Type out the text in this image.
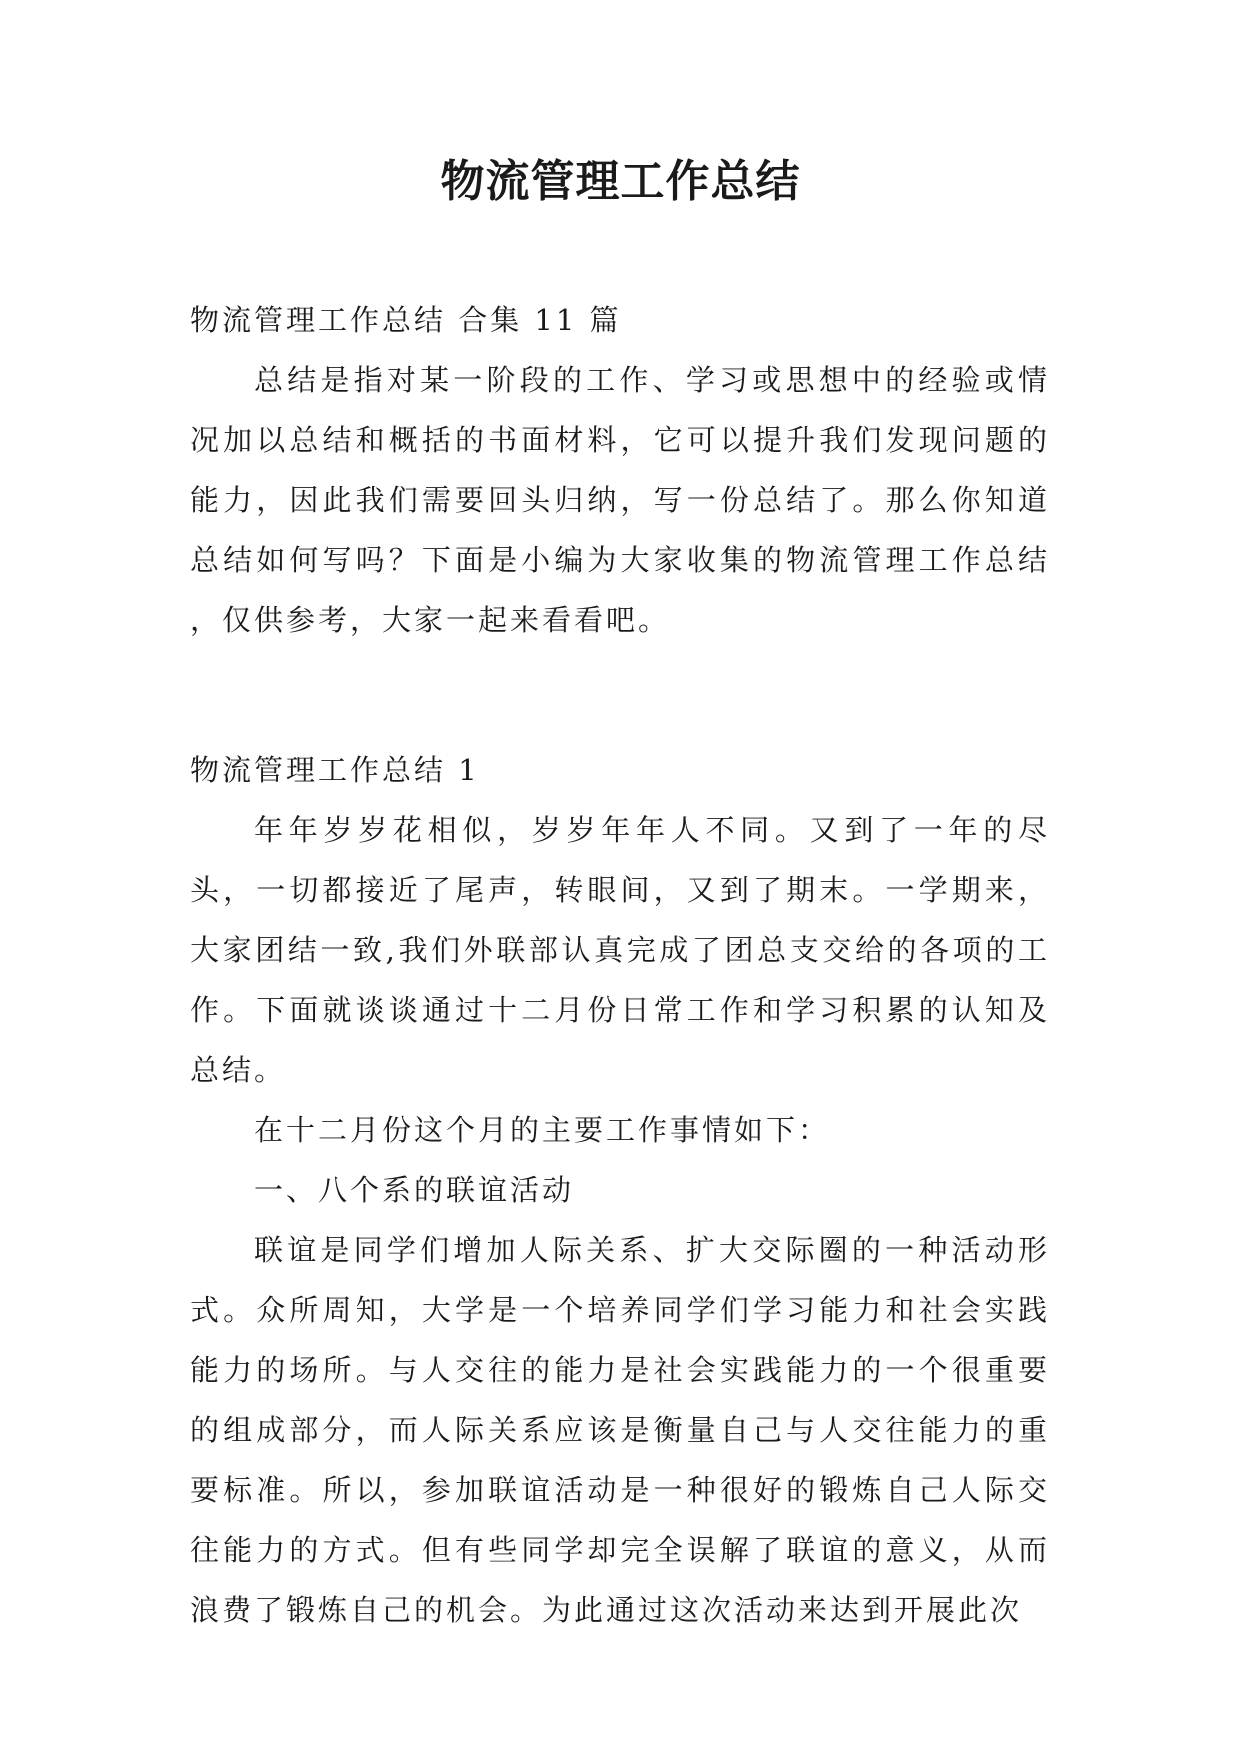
物流管理工作总结

物流管理工作总结 合集 11 篇

总结是指对某一阶段的工作、学习或思想中的经验或情况加以总结和概括的书面材料，它可以提升我们发现问题的能力，因此我们需要回头归纳，写一份总结了。那么你知道总结如何写吗？下面是小编为大家收集的物流管理工作总结 ，仅供参考，大家一起来看看吧。

物流管理工作总结 1

年年岁岁花相似，岁岁年年人不同。又到了一年的尽头，一切都接近了尾声，转眼间，又到了期末。一学期来，大家团结一致,我们外联部认真完成了团总支交给的各项的工作。下面就谈谈通过十二月份日常工作和学习积累的认知及总结。

在十二月份这个月的主要工作事情如下：

一、八个系的联谊活动

联谊是同学们增加人际关系、扩大交际圈的一种活动形式。众所周知，大学是一个培养同学们学习能力和社会实践能力的场所。与人交往的能力是社会实践能力的一个很重要的组成部分，而人际关系应该是衡量自己与人交往能力的重要标准。所以，参加联谊活动是一种很好的锻炼自己人际交往能力的方式。但有些同学却完全误解了联谊的意义，从而浪费了锻炼自己的机会。为此通过这次活动来达到开展此次
